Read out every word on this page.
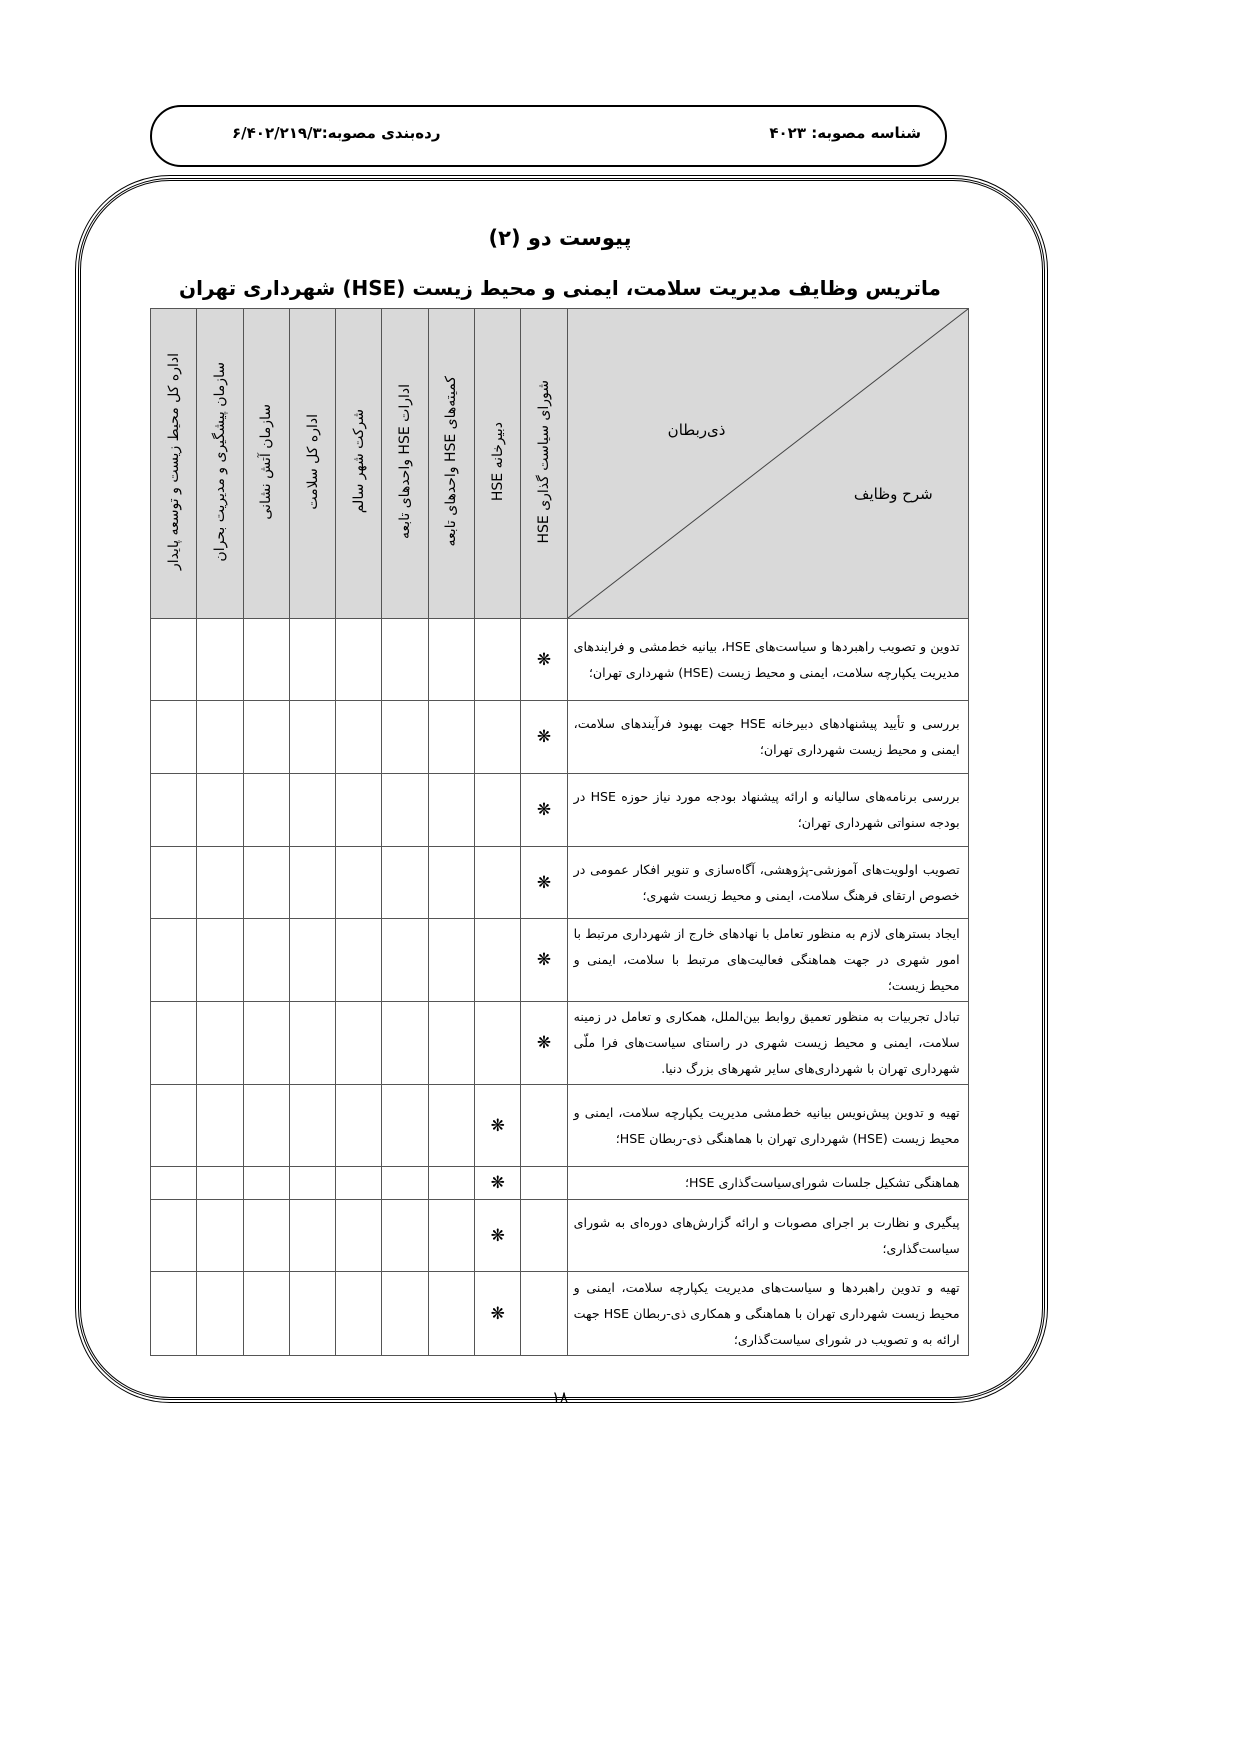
شناسه مصوبه: ۴۰۲۳
رده‌بندی مصوبه:۶/۴۰۲/۲۱۹/۳
پیوست دو (۲)
ماتریس وظایف مدیریت سلامت، ایمنی و محیط زیست (HSE) شهرداری تهران
ذی‌ربطان
شرح وظایف	شورای سیاست گذاری HSE	دبیرخانه HSE	کمیته‌های HSE واحدهای تابعه	ادارات HSE واحدهای تابعه	شرکت شهر سالم	اداره کل سلامت	سازمان آتش نشانی	سازمان پیشگیری و مدیریت بحران	اداره کل محیط زیست و توسعه پایدار
تدوین و تصویب راهبردها و سیاست‌های HSE، بیانیه خط‌مشی و فرایندهای مدیریت یکپارچه سلامت، ایمنی و محیط زیست (HSE) شهرداری تهران؛	❋								
بررسی و تأیید پیشنهادهای دبیرخانه HSE جهت بهبود فرآیندهای سلامت، ایمنی و محیط زیست شهرداری تهران؛	❋								
بررسی برنامه‌های سالیانه و ارائه پیشنهاد بودجه مورد نیاز حوزه HSE در بودجه سنواتی شهرداری تهران؛	❋								
تصویب اولویت‌های آموزشی-پژوهشی، آگاه‌سازی و تنویر افکار عمومی در خصوص ارتقای فرهنگ سلامت، ایمنی و محیط زیست شهری؛	❋								
ایجاد بسترهای لازم به منظور تعامل با نهادهای خارج از شهرداری مرتبط با امور شهری در جهت هماهنگی فعالیت‌های مرتبط با سلامت، ایمنی و محیط زیست؛	❋								
تبادل تجربیات به منظور تعمیق روابط بین‌الملل، همکاری و تعامل در زمینه سلامت، ایمنی و محیط زیست شهری در راستای سیاست‌های فرا ملّی شهرداری تهران با شهرداری‌های سایر شهرهای بزرگ دنیا.	❋								
تهیه و تدوین پیش‌نویس بیانیه خط‌مشی مدیریت یکپارچه سلامت، ایمنی و محیط زیست (HSE) شهرداری تهران با هماهنگی ذی-ربطان HSE؛		❋							
هماهنگی تشکیل جلسات شورای‌سیاست‌گذاری HSE؛		❋							
پیگیری و نظارت بر اجرای مصوبات و ارائه گزارش‌های دوره‌ای به شورای سیاست‌گذاری؛		❋							
تهیه و تدوین راهبردها و سیاست‌های مدیریت یکپارچه سلامت، ایمنی و محیط زیست شهرداری تهران با هماهنگی و همکاری ذی-ربطان HSE جهت ارائه به و تصویب در شورای سیاست‌گذاری؛		❋							
۱۸
